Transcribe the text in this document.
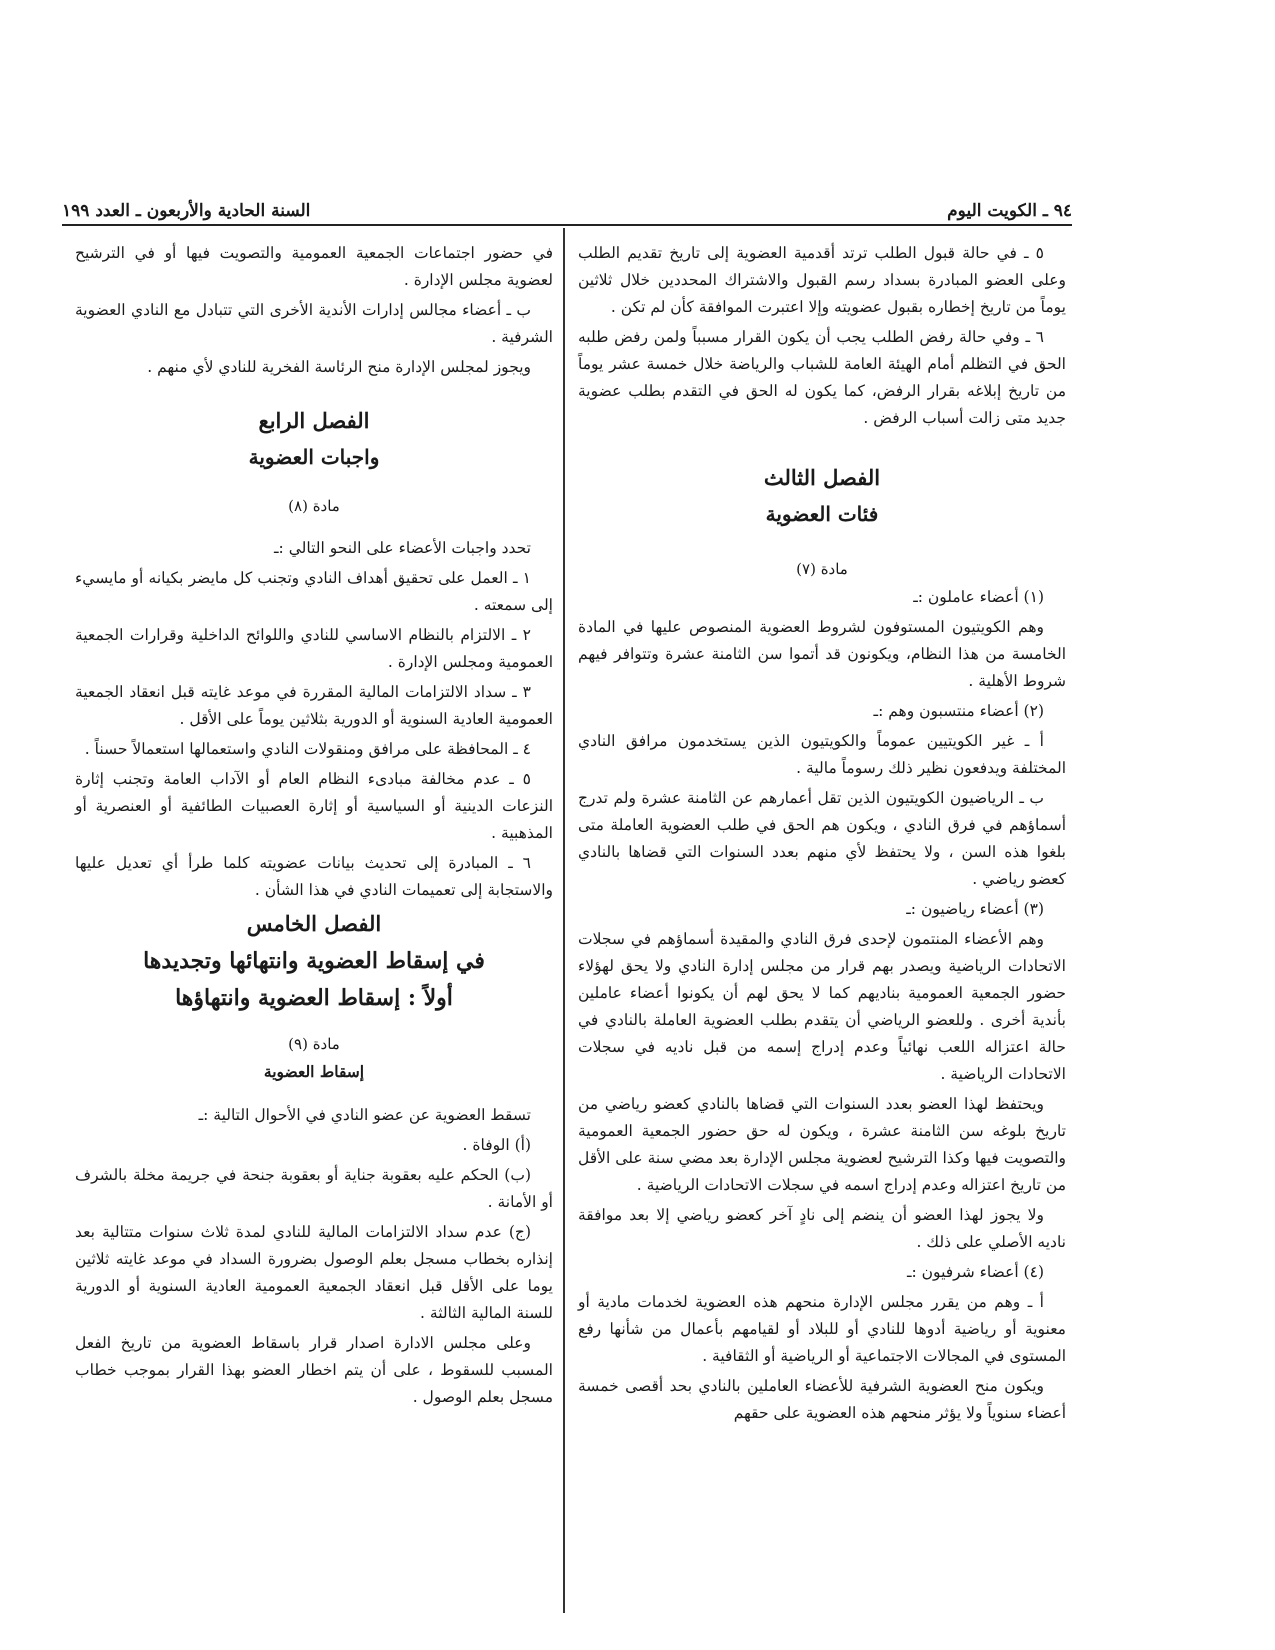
٩٤ ـ الكويت اليوم
السنة الحادية والأربعون ـ العدد ١٩٩

٥ ـ في حالة قبول الطلب ترتد أقدمية العضوية إلى تاريخ تقديم الطلب وعلى العضو المبادرة بسداد رسم القبول والاشتراك المحددين خلال ثلاثين يوماً من تاريخ إخطاره بقبول عضويته وإلا اعتبرت الموافقة كأن لم تكن .

٦ ـ وفي حالة رفض الطلب يجب أن يكون القرار مسبباً ولمن رفض طلبه الحق في التظلم أمام الهيئة العامة للشباب والرياضة خلال خمسة عشر يوماً من تاريخ إبلاغه بقرار الرفض، كما يكون له الحق في التقدم بطلب عضوية جديد متى زالت أسباب الرفض .

الفصل الثالث

فئات العضوية

مادة (٧)

(١) أعضاء عاملون :ـ

وهم الكويتيون المستوفون لشروط العضوية المنصوص عليها في المادة الخامسة من هذا النظام، ويكونون قد أتموا سن الثامنة عشرة وتتوافر فيهم شروط الأهلية .

(٢) أعضاء منتسبون وهم :ـ

أ ـ غير الكويتيين عموماً والكويتيون الذين يستخدمون مرافق النادي المختلفة ويدفعون نظير ذلك رسوماً مالية .

ب ـ الرياضيون الكويتيون الذين تقل أعمارهم عن الثامنة عشرة ولم تدرج أسماؤهم في فرق النادي ، ويكون هم الحق في طلب العضوية العاملة متى بلغوا هذه السن ، ولا يحتفظ لأي منهم بعدد السنوات التي قضاها بالنادي كعضو رياضي .

(٣) أعضاء رياضيون :ـ

وهم الأعضاء المنتمون لإحدى فرق النادي والمقيدة أسماؤهم في سجلات الاتحادات الرياضية ويصدر بهم قرار من مجلس إدارة النادي ولا يحق لهؤلاء حضور الجمعية العمومية بناديهم كما لا يحق لهم أن يكونوا أعضاء عاملين بأندية أخرى . وللعضو الرياضي أن يتقدم بطلب العضوية العاملة بالنادي في حالة اعتزاله اللعب نهائياً وعدم إدراج إسمه من قبل ناديه في سجلات الاتحادات الرياضية .

ويحتفظ لهذا العضو بعدد السنوات التي قضاها بالنادي كعضو رياضي من تاريخ بلوغه سن الثامنة عشرة ، ويكون له حق حضور الجمعية العمومية والتصويت فيها وكذا الترشيح لعضوية مجلس الإدارة بعد مضي سنة على الأقل من تاريخ اعتزاله وعدم إدراج اسمه في سجلات الاتحادات الرياضية .

ولا يجوز لهذا العضو أن ينضم إلى نادٍ آخر كعضو رياضي إلا بعد موافقة ناديه الأصلي على ذلك .

(٤) أعضاء شرفيون :ـ

أ ـ وهم من يقرر مجلس الإدارة منحهم هذه العضوية لخدمات مادية أو معنوية أو رياضية أدوها للنادي أو للبلاد أو لقيامهم بأعمال من شأنها رفع المستوى في المجالات الاجتماعية أو الرياضية أو الثقافية .

ويكون منح العضوية الشرفية للأعضاء العاملين بالنادي بحد أقصى خمسة أعضاء سنوياً ولا يؤثر منحهم هذه العضوية على حقهم

في حضور اجتماعات الجمعية العمومية والتصويت فيها أو في الترشيح لعضوية مجلس الإدارة .

ب ـ أعضاء مجالس إدارات الأندية الأخرى التي تتبادل مع النادي العضوية الشرفية .

ويجوز لمجلس الإدارة منح الرئاسة الفخرية للنادي لأي منهم .

الفصل الرابع

واجبات العضوية

مادة (٨)

تحدد واجبات الأعضاء على النحو التالي :ـ

١ ـ العمل على تحقيق أهداف النادي وتجنب كل مايضر بكيانه أو مايسيء إلى سمعته .

٢ ـ الالتزام بالنظام الاساسي للنادي واللوائح الداخلية وقرارات الجمعية العمومية ومجلس الإدارة .

٣ ـ سداد الالتزامات المالية المقررة في موعد غايته قبل انعقاد الجمعية العمومية العادية السنوية أو الدورية بثلاثين يوماً على الأقل .

٤ ـ المحافظة على مرافق ومنقولات النادي واستعمالها استعمالاً حسناً .

٥ ـ عدم مخالفة مبادىء النظام العام أو الآداب العامة وتجنب إثارة النزعات الدينية أو السياسية أو إثارة العصبيات الطائفية أو العنصرية أو المذهبية .

٦ ـ المبادرة إلى تحديث بيانات عضويته كلما طرأ أي تعديل عليها والاستجابة إلى تعميمات النادي في هذا الشأن .

الفصل الخامس

في إسقاط العضوية وانتهائها وتجديدها

أولاً : إسقاط العضوية وانتهاؤها

مادة (٩)

إسقاط العضوية

تسقط العضوية عن عضو النادي في الأحوال التالية :ـ

(أ) الوفاة .

(ب) الحكم عليه بعقوبة جناية أو بعقوبة جنحة في جريمة مخلة بالشرف أو الأمانة .

(ج) عدم سداد الالتزامات المالية للنادي لمدة ثلاث سنوات متتالية بعد إنذاره بخطاب مسجل بعلم الوصول بضرورة السداد في موعد غايته ثلاثين يوما على الأقل قبل انعقاد الجمعية العمومية العادية السنوية أو الدورية للسنة المالية الثالثة .

وعلى مجلس الادارة اصدار قرار باسقاط العضوية من تاريخ الفعل المسبب للسقوط ، على أن يتم اخطار العضو بهذا القرار بموجب خطاب مسجل بعلم الوصول .
